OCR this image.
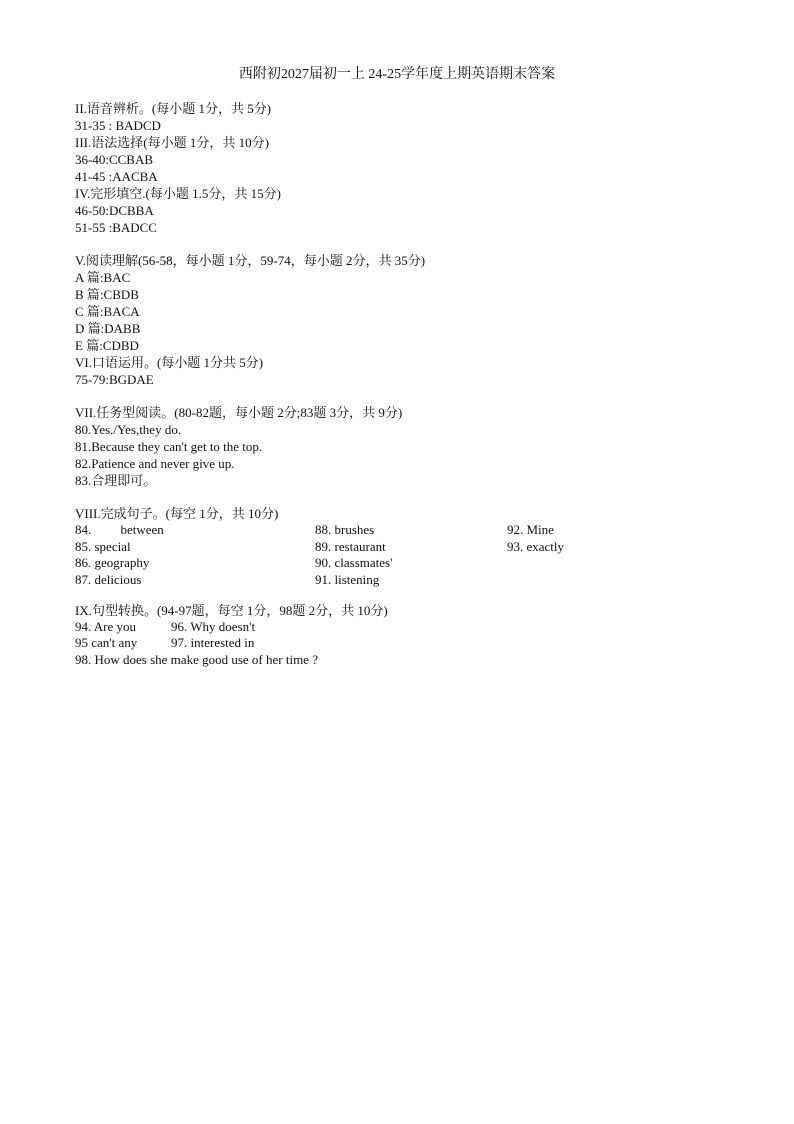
西附初2027届初一上 24-25学年度上期英语期末答案
II.语音辨析。(每小题 1分，共 5分)
31-35 : BADCD
III.语法选择(每小题 1分，共 10分)
36-40:CCBAB
41-45 :AACBA
IV.完形填空.(每小题 1.5分，共 15分)
46-50:DCBBA
51-55 :BADCC
V.阅读理解(56-58，每小题 1分，59-74，每小题 2分，共 35分)
A 篇:BAC
B 篇:CBDB
C 篇:BACA
D 篇:DABB
E 篇:CDBD
VI.口语运用。(每小题 1分共 5分)
75-79:BGDAE
VII.任务型阅读。(80-82题，每小题 2分;83题 3分，共 9分)
80.Yes./Yes,they do.
81.Because they can't get to the top.
82.Patience and never give up.
83.合理即可。
VIII.完成句子。(每空 1分，共 10分)
84.         between	88. brushes	92. Mine
85. special	89. restaurant	93. exactly
86. geography	90. classmates'
87. delicious	91. listening
IX.句型转换。(94-97题，每空 1分，98题 2分，共 10分)
94. Are you	96. Why doesn't
95 can't any	97. interested in
98. How does she make good use of her time ?
